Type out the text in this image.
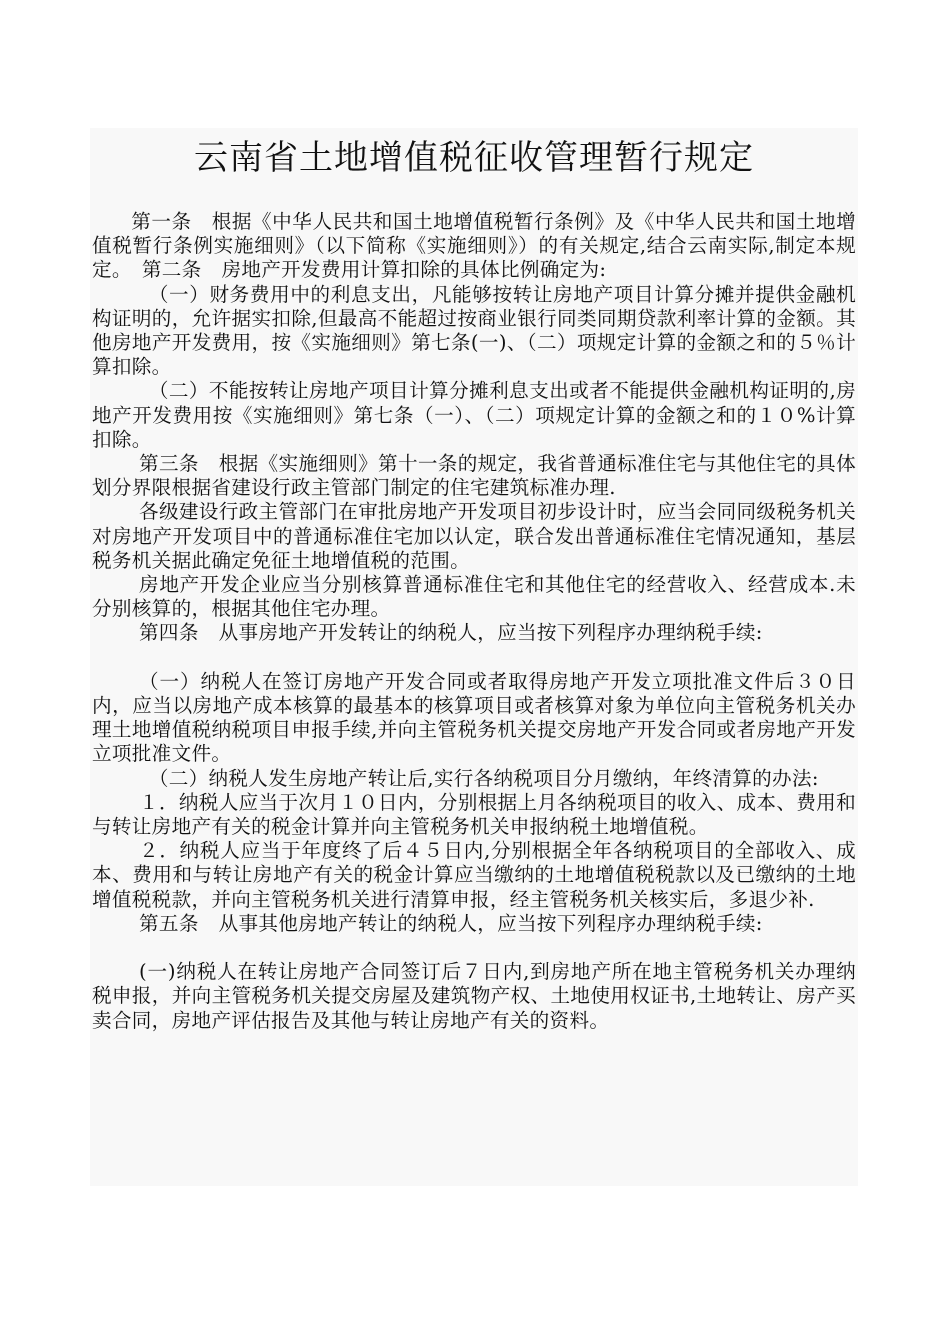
云南省土地增值税征收管理暂行规定

第一条　根据《中华人民共和国土地增值税暂行条例》及《中华人民共和国土地增值税暂行条例实施细则》（以下简称《实施细则》）的有关规定,结合云南实际,制定本规定。　第二条　房地产开发费用计算扣除的具体比例确定为:

（一）财务费用中的利息支出，凡能够按转让房地产项目计算分摊并提供金融机构证明的，允许据实扣除,但最高不能超过按商业银行同类同期贷款利率计算的金额。其他房地产开发费用，按《实施细则》第七条(一)、（二）项规定计算的金额之和的５％计算扣除。

（二）不能按转让房地产项目计算分摊利息支出或者不能提供金融机构证明的,房地产开发费用按《实施细则》第七条（一）、（二）项规定计算的金额之和的１０%计算扣除。

第三条　根据《实施细则》第十一条的规定，我省普通标准住宅与其他住宅的具体划分界限根据省建设行政主管部门制定的住宅建筑标准办理.

各级建设行政主管部门在审批房地产开发项目初步设计时，应当会同同级税务机关对房地产开发项目中的普通标准住宅加以认定，联合发出普通标准住宅情况通知，基层税务机关据此确定免征土地增值税的范围。

房地产开发企业应当分别核算普通标准住宅和其他住宅的经营收入、经营成本.未分别核算的，根据其他住宅办理。

第四条　从事房地产开发转让的纳税人，应当按下列程序办理纳税手续:

（一）纳税人在签订房地产开发合同或者取得房地产开发立项批准文件后３０日内，应当以房地产成本核算的最基本的核算项目或者核算对象为单位向主管税务机关办理土地增值税纳税项目申报手续,并向主管税务机关提交房地产开发合同或者房地产开发立项批准文件。

（二）纳税人发生房地产转让后,实行各纳税项目分月缴纳，年终清算的办法:

１．纳税人应当于次月１０日内，分别根据上月各纳税项目的收入、成本、费用和与转让房地产有关的税金计算并向主管税务机关申报纳税土地增值税。

２．纳税人应当于年度终了后４５日内,分别根据全年各纳税项目的全部收入、成本、费用和与转让房地产有关的税金计算应当缴纳的土地增值税税款以及已缴纳的土地增值税税款，并向主管税务机关进行清算申报，经主管税务机关核实后，多退少补.

第五条　从事其他房地产转让的纳税人，应当按下列程序办理纳税手续:

(一)纳税人在转让房地产合同签订后７日内,到房地产所在地主管税务机关办理纳税申报，并向主管税务机关提交房屋及建筑物产权、土地使用权证书,土地转让、房产买卖合同，房地产评估报告及其他与转让房地产有关的资料。
